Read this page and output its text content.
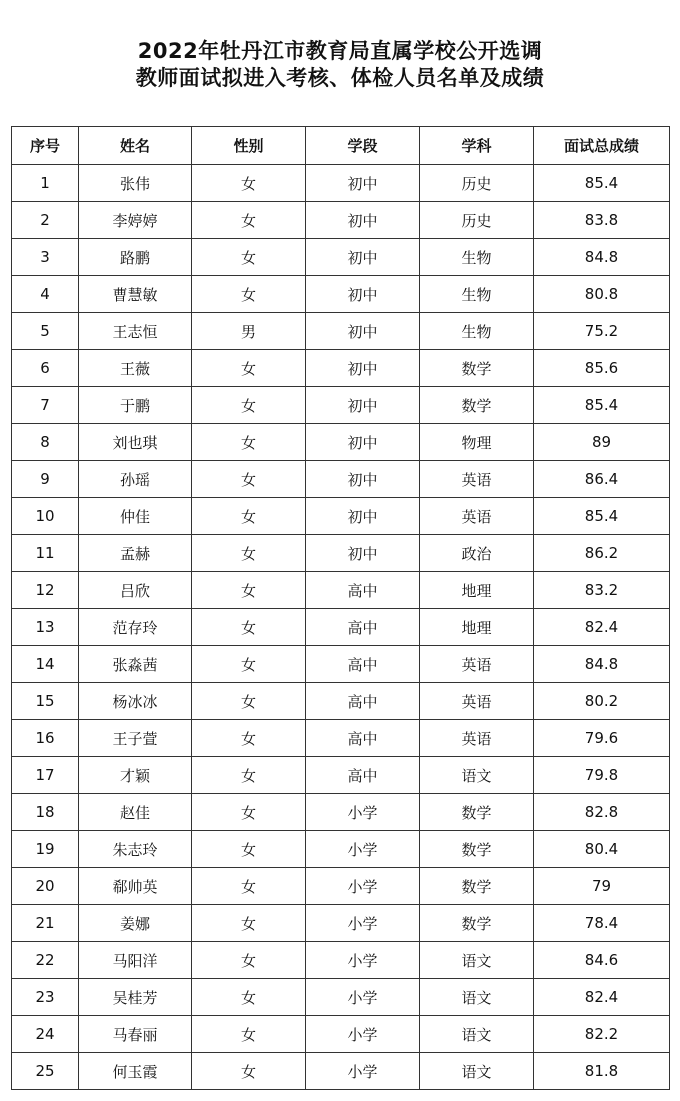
2022年牡丹江市教育局直属学校公开选调

教师面试拟进入考核、体检人员名单及成绩

序号	姓名	性别	学段	学科	面试总成绩
1	张伟	女	初中	历史	85.4
2	李婷婷	女	初中	历史	83.8
3	路鹏	女	初中	生物	84.8
4	曹慧敏	女	初中	生物	80.8
5	王志恒	男	初中	生物	75.2
6	王薇	女	初中	数学	85.6
7	于鹏	女	初中	数学	85.4
8	刘也琪	女	初中	物理	89
9	孙瑶	女	初中	英语	86.4
10	仲佳	女	初中	英语	85.4
11	孟赫	女	初中	政治	86.2
12	吕欣	女	高中	地理	83.2
13	范存玲	女	高中	地理	82.4
14	张淼茜	女	高中	英语	84.8
15	杨冰冰	女	高中	英语	80.2
16	王子萱	女	高中	英语	79.6
17	才颖	女	高中	语文	79.8
18	赵佳	女	小学	数学	82.8
19	朱志玲	女	小学	数学	80.4
20	郗帅英	女	小学	数学	79
21	姜娜	女	小学	数学	78.4
22	马阳洋	女	小学	语文	84.6
23	吴桂芳	女	小学	语文	82.4
24	马春丽	女	小学	语文	82.2
25	何玉霞	女	小学	语文	81.8
